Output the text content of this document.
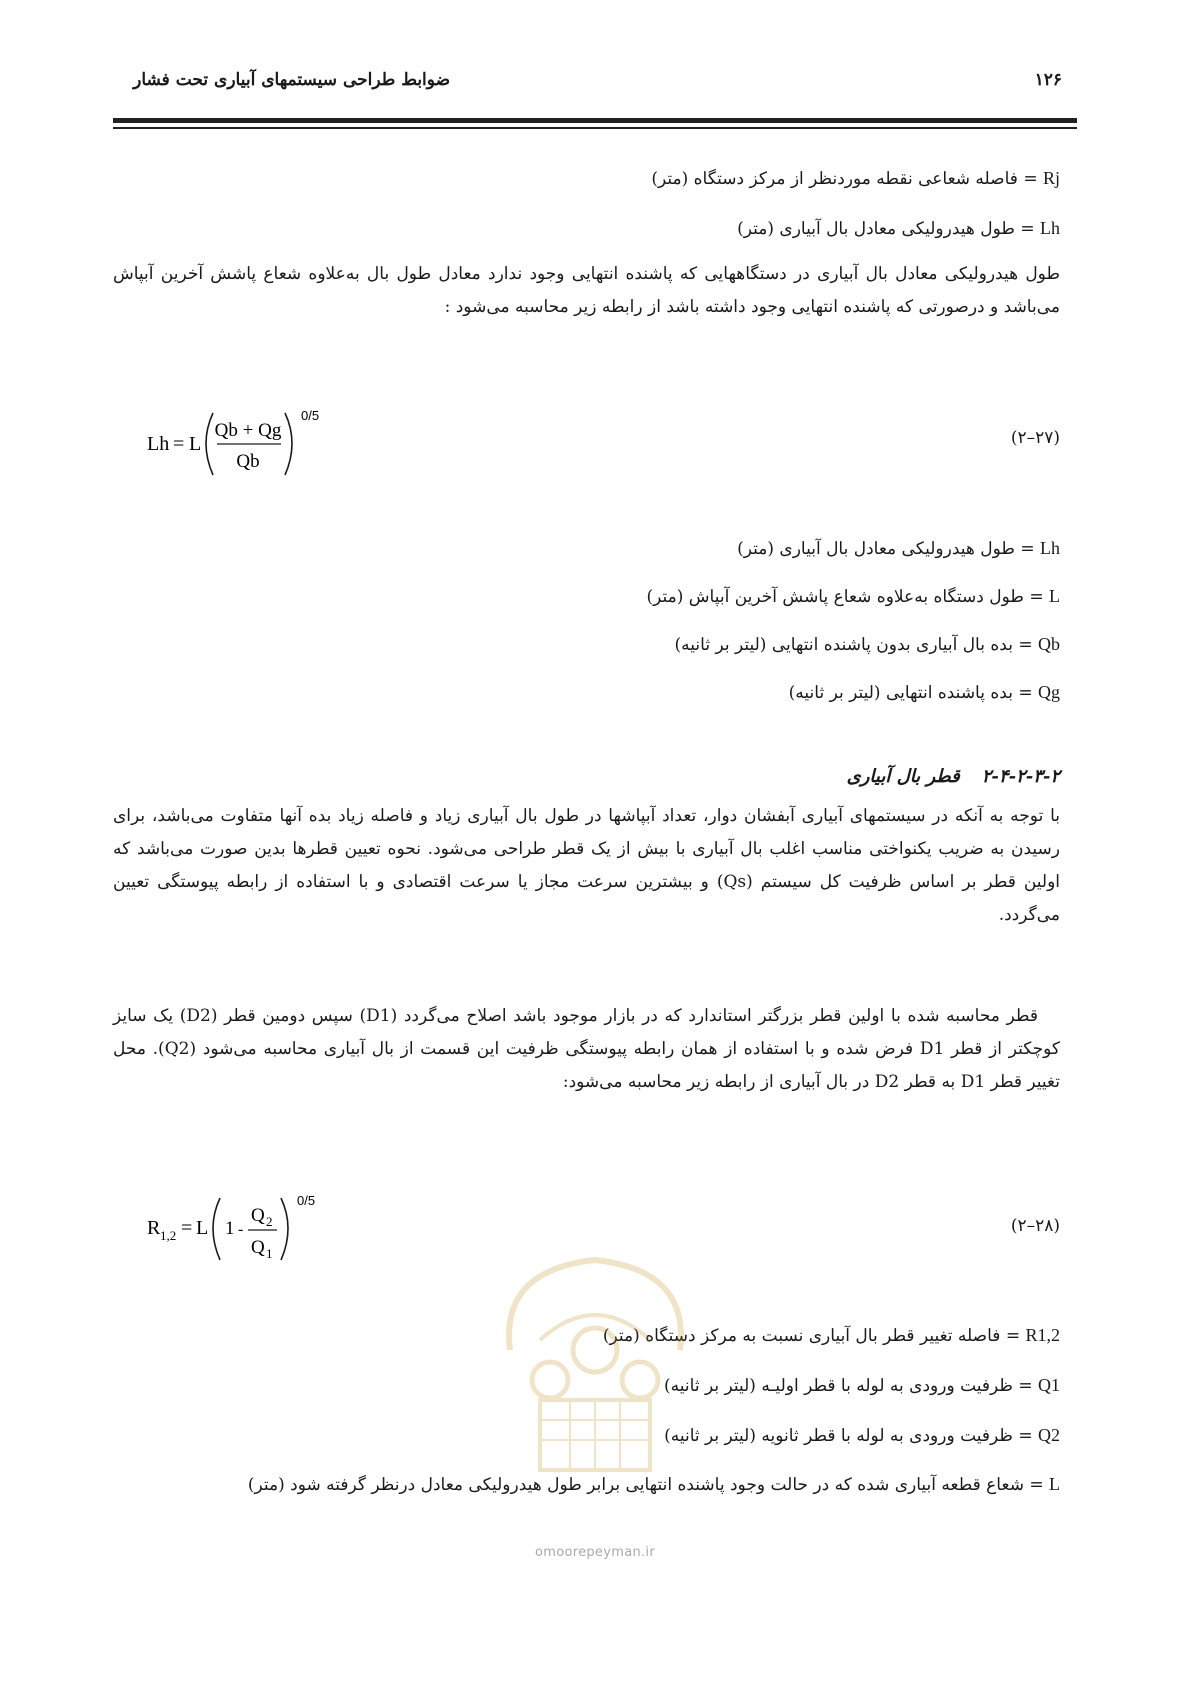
ضوابط طراحی سیستمهای آبیاری تحت فشار	۱۲۶
Rj = فاصله شعاعی نقطه موردنظر از مرکز دستگاه (متر)
Lh = طول هیدرولیکی معادل بال آبیاری (متر)
طول هیدرولیکی معادل بال آبیاری در دستگاههایی که پاشنده انتهایی وجود ندارد معادل طول بال به‌علاوه شعاع پاشش آخرین آبپاش می‌باشد و درصورتی که پاشنده انتهایی وجود داشته باشد از رابطه زیر محاسبه می‌شود :
Lh = L
Qb + Qg
Qb
0/5
(۲۷–۲)
Lh = طول هیدرولیکی معادل بال آبیاری (متر)
L = طول دستگاه به‌علاوه شعاع پاشش آخرین آبپاش (متر)
Qb = بده بال آبیاری بدون پاشنده انتهایی (لیتر بر ثانیه)
Qg = بده پاشنده انتهایی (لیتر بر ثانیه)
۲-۴-۲-۳-۲قطر بال آبیاری
با توجه به آنکه در سیستمهای آبیاری آبفشان دوار، تعداد آبپاشها در طول بال آبیاری زیاد و فاصله زیاد بده آنها متفاوت می‌باشد، برای رسیدن به ضریب یکنواختی مناسب اغلب بال آبیاری با بیش از یک قطر طراحی می‌شود. نحوه تعیین قطرها بدین صورت می‌باشد که اولین قطر بر اساس ظرفیت کل سیستم (Qs) و بیشترین سرعت مجاز یا سرعت اقتصادی و با استفاده از رابطه پیوستگی تعیین می‌گردد.
قطر محاسبه شده با اولین قطر بزرگتر استاندارد که در بازار موجود باشد اصلاح می‌گردد (D1) سپس دومین قطر (D2) یک سایز کوچکتر از قطر D1 فرض شده و با استفاده از همان رابطه پیوستگی ظرفیت این قسمت از بال آبیاری محاسبه می‌شود (Q2). محل تغییر قطر D1 به قطر D2 در بال آبیاری از رابطه زیر محاسبه می‌شود:
R 1,2 = L 1 -
Q 2
Q 1
0/5
(۲۸–۲)
R1,2 = فاصله تغییر قطر بال آبیاری نسبت به مرکز دستگاه (متر)
Q1 = ظرفیت ورودی به لوله با قطر اولیـه (لیتر بر ثانیه)
Q2 = ظرفیت ورودی به لوله با قطر ثانویه (لیتر بر ثانیه)
L = شعاع قطعه آبیاری شده که در حالت وجود پاشنده انتهایی برابر طول هیدرولیکی معادل درنظر گرفته شود (متر)
omoorepeyman.ir
